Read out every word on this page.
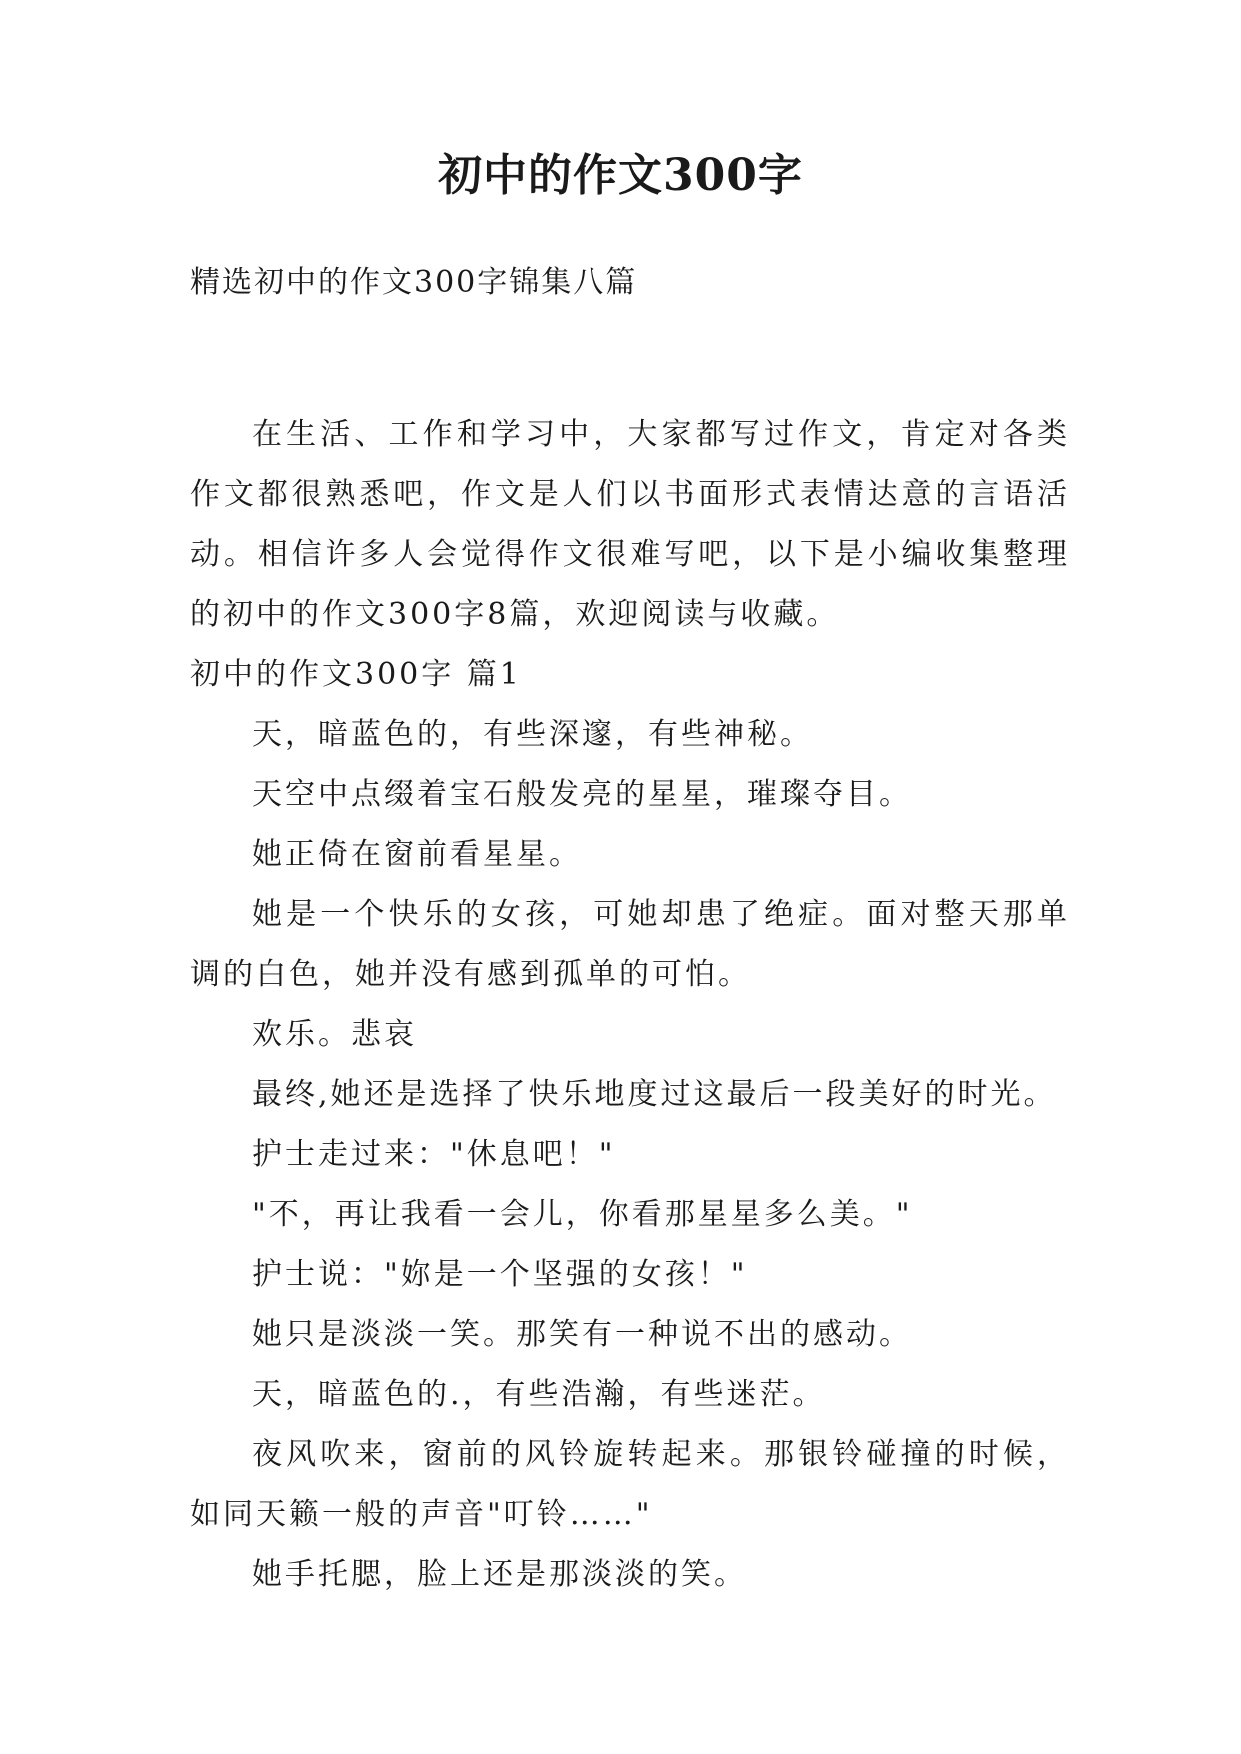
初中的作文300字
精选初中的作文300字锦集八篇

在生活、工作和学习中，大家都写过作文，肯定对各类作文都很熟悉吧，作文是人们以书面形式表情达意的言语活动。相信许多人会觉得作文很难写吧，以下是小编收集整理的初中的作文300字8篇，欢迎阅读与收藏。

初中的作文300字 篇1

天，暗蓝色的，有些深邃，有些神秘。

天空中点缀着宝石般发亮的星星，璀璨夺目。

她正倚在窗前看星星。

她是一个快乐的女孩，可她却患了绝症。面对整天那单调的白色，她并没有感到孤单的可怕。

欢乐。悲哀

最终,她还是选择了快乐地度过这最后一段美好的时光。

护士走过来："休息吧！"

"不，再让我看一会儿，你看那星星多么美。"

护士说："妳是一个坚强的女孩！"

她只是淡淡一笑。那笑有一种说不出的感动。

天，暗蓝色的.，有些浩瀚，有些迷茫。

夜风吹来，窗前的风铃旋转起来。那银铃碰撞的时候，如同天籁一般的声音"叮铃……"

她手托腮，脸上还是那淡淡的笑。
